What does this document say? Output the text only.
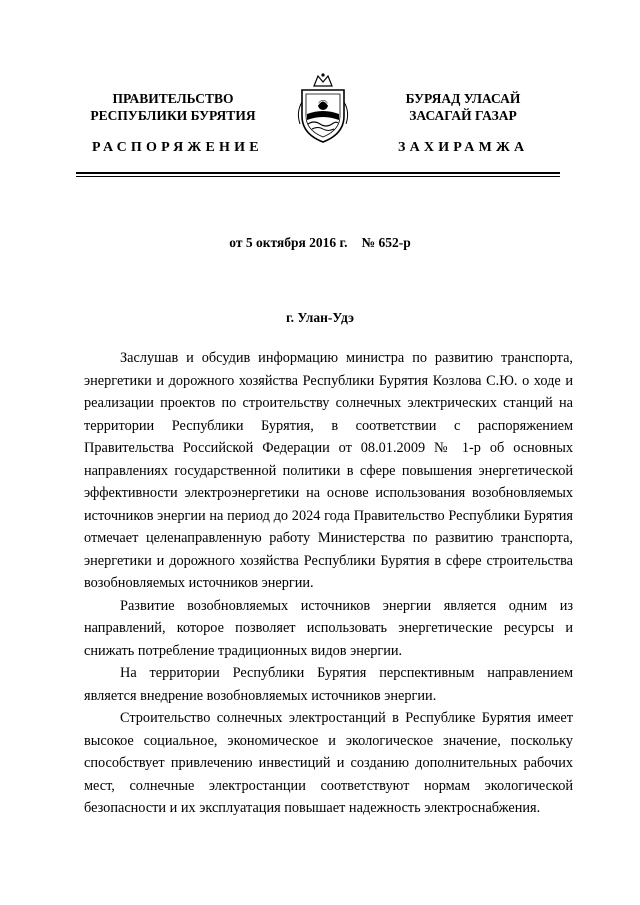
ПРАВИТЕЛЬСТВО
РЕСПУБЛИКИ БУРЯТИЯ
РАСПОРЯЖЕНИЕ
БУРЯАД УЛАСАЙ
ЗАСАГАЙ ГАЗАР
ЗАХИРАМЖА
от 5 октября 2016 г. № 652-р
г. Улан-Удэ

Заслушав и обсудив информацию министра по развитию транспорта, энергетики и дорожного хозяйства Республики Бурятия Козлова С.Ю. о ходе и реализации проектов по строительству солнечных электрических станций на территории Республики Бурятия, в соответствии с распоряжением Правительства Российской Федерации от 08.01.2009 № 1-р об основных направлениях государственной политики в сфере повышения энергетической эффективности электроэнергетики на основе использования возобновляемых источников энергии на период до 2024 года Правительство Республики Бурятия отмечает целенаправленную работу Министерства по развитию транспорта, энергетики и дорожного хозяйства Республики Бурятия в сфере строительства возобновляемых источников энергии.

Развитие возобновляемых источников энергии является одним из направлений, которое позволяет использовать энергетические ресурсы и снижать потребление традиционных видов энергии.

На территории Республики Бурятия перспективным направлением является внедрение возобновляемых источников энергии.

Строительство солнечных электростанций в Республике Бурятия имеет высокое социальное, экономическое и экологическое значение, поскольку способствует привлечению инвестиций и созданию дополнительных рабочих мест, солнечные электростанции соответствуют нормам экологической безопасности и их эксплуатация повышает надежность электроснабжения.
